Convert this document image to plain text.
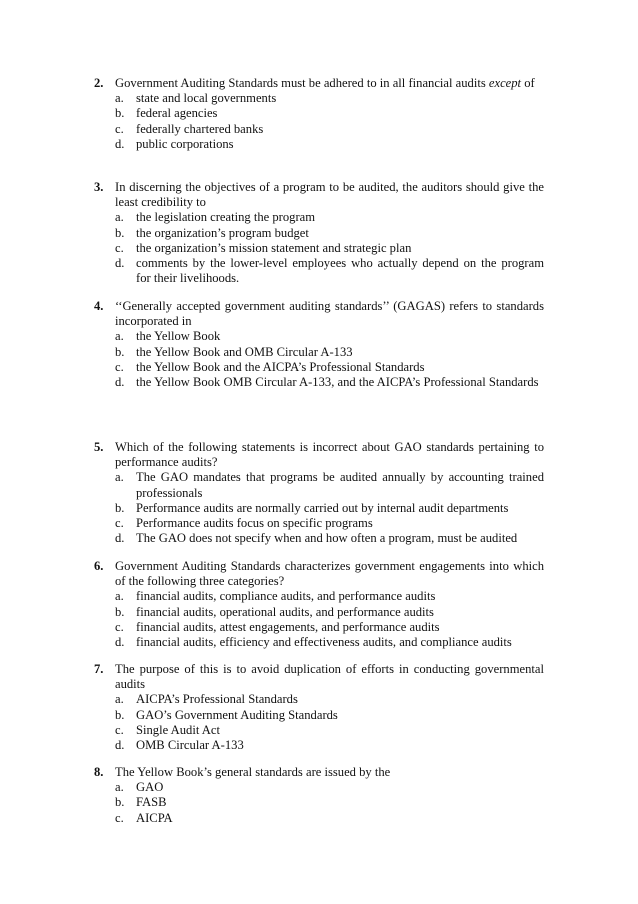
2. Government Auditing Standards must be adhered to in all financial audits except of
a. state and local governments
b. federal agencies
c. federally chartered banks
d. public corporations
3. In discerning the objectives of a program to be audited, the auditors should give the least credibility to
a. the legislation creating the program
b. the organization’s program budget
c. the organization’s mission statement and strategic plan
d. comments by the lower-level employees who actually depend on the program for their livelihoods.
4. ‘‘Generally accepted government auditing standards’’ (GAGAS) refers to standards incorporated in
a. the Yellow Book
b. the Yellow Book and OMB Circular A-133
c. the Yellow Book and the AICPA’s Professional Standards
d. the Yellow Book OMB Circular A-133, and the AICPA’s Professional Standards
5. Which of the following statements is incorrect about GAO standards pertaining to performance audits?
a. The GAO mandates that programs be audited annually by accounting trained professionals
b. Performance audits are normally carried out by internal audit departments
c. Performance audits focus on specific programs
d. The GAO does not specify when and how often a program, must be audited
6. Government Auditing Standards characterizes government engagements into which of the following three categories?
a. financial audits, compliance audits, and performance audits
b. financial audits, operational audits, and performance audits
c. financial audits, attest engagements, and performance audits
d. financial audits, efficiency and effectiveness audits, and compliance audits
7. The purpose of this is to avoid duplication of efforts in conducting governmental audits
a. AICPA’s Professional Standards
b. GAO’s Government Auditing Standards
c. Single Audit Act
d. OMB Circular A-133
8. The Yellow Book’s general standards are issued by the
a. GAO
b. FASB
c. AICPA
